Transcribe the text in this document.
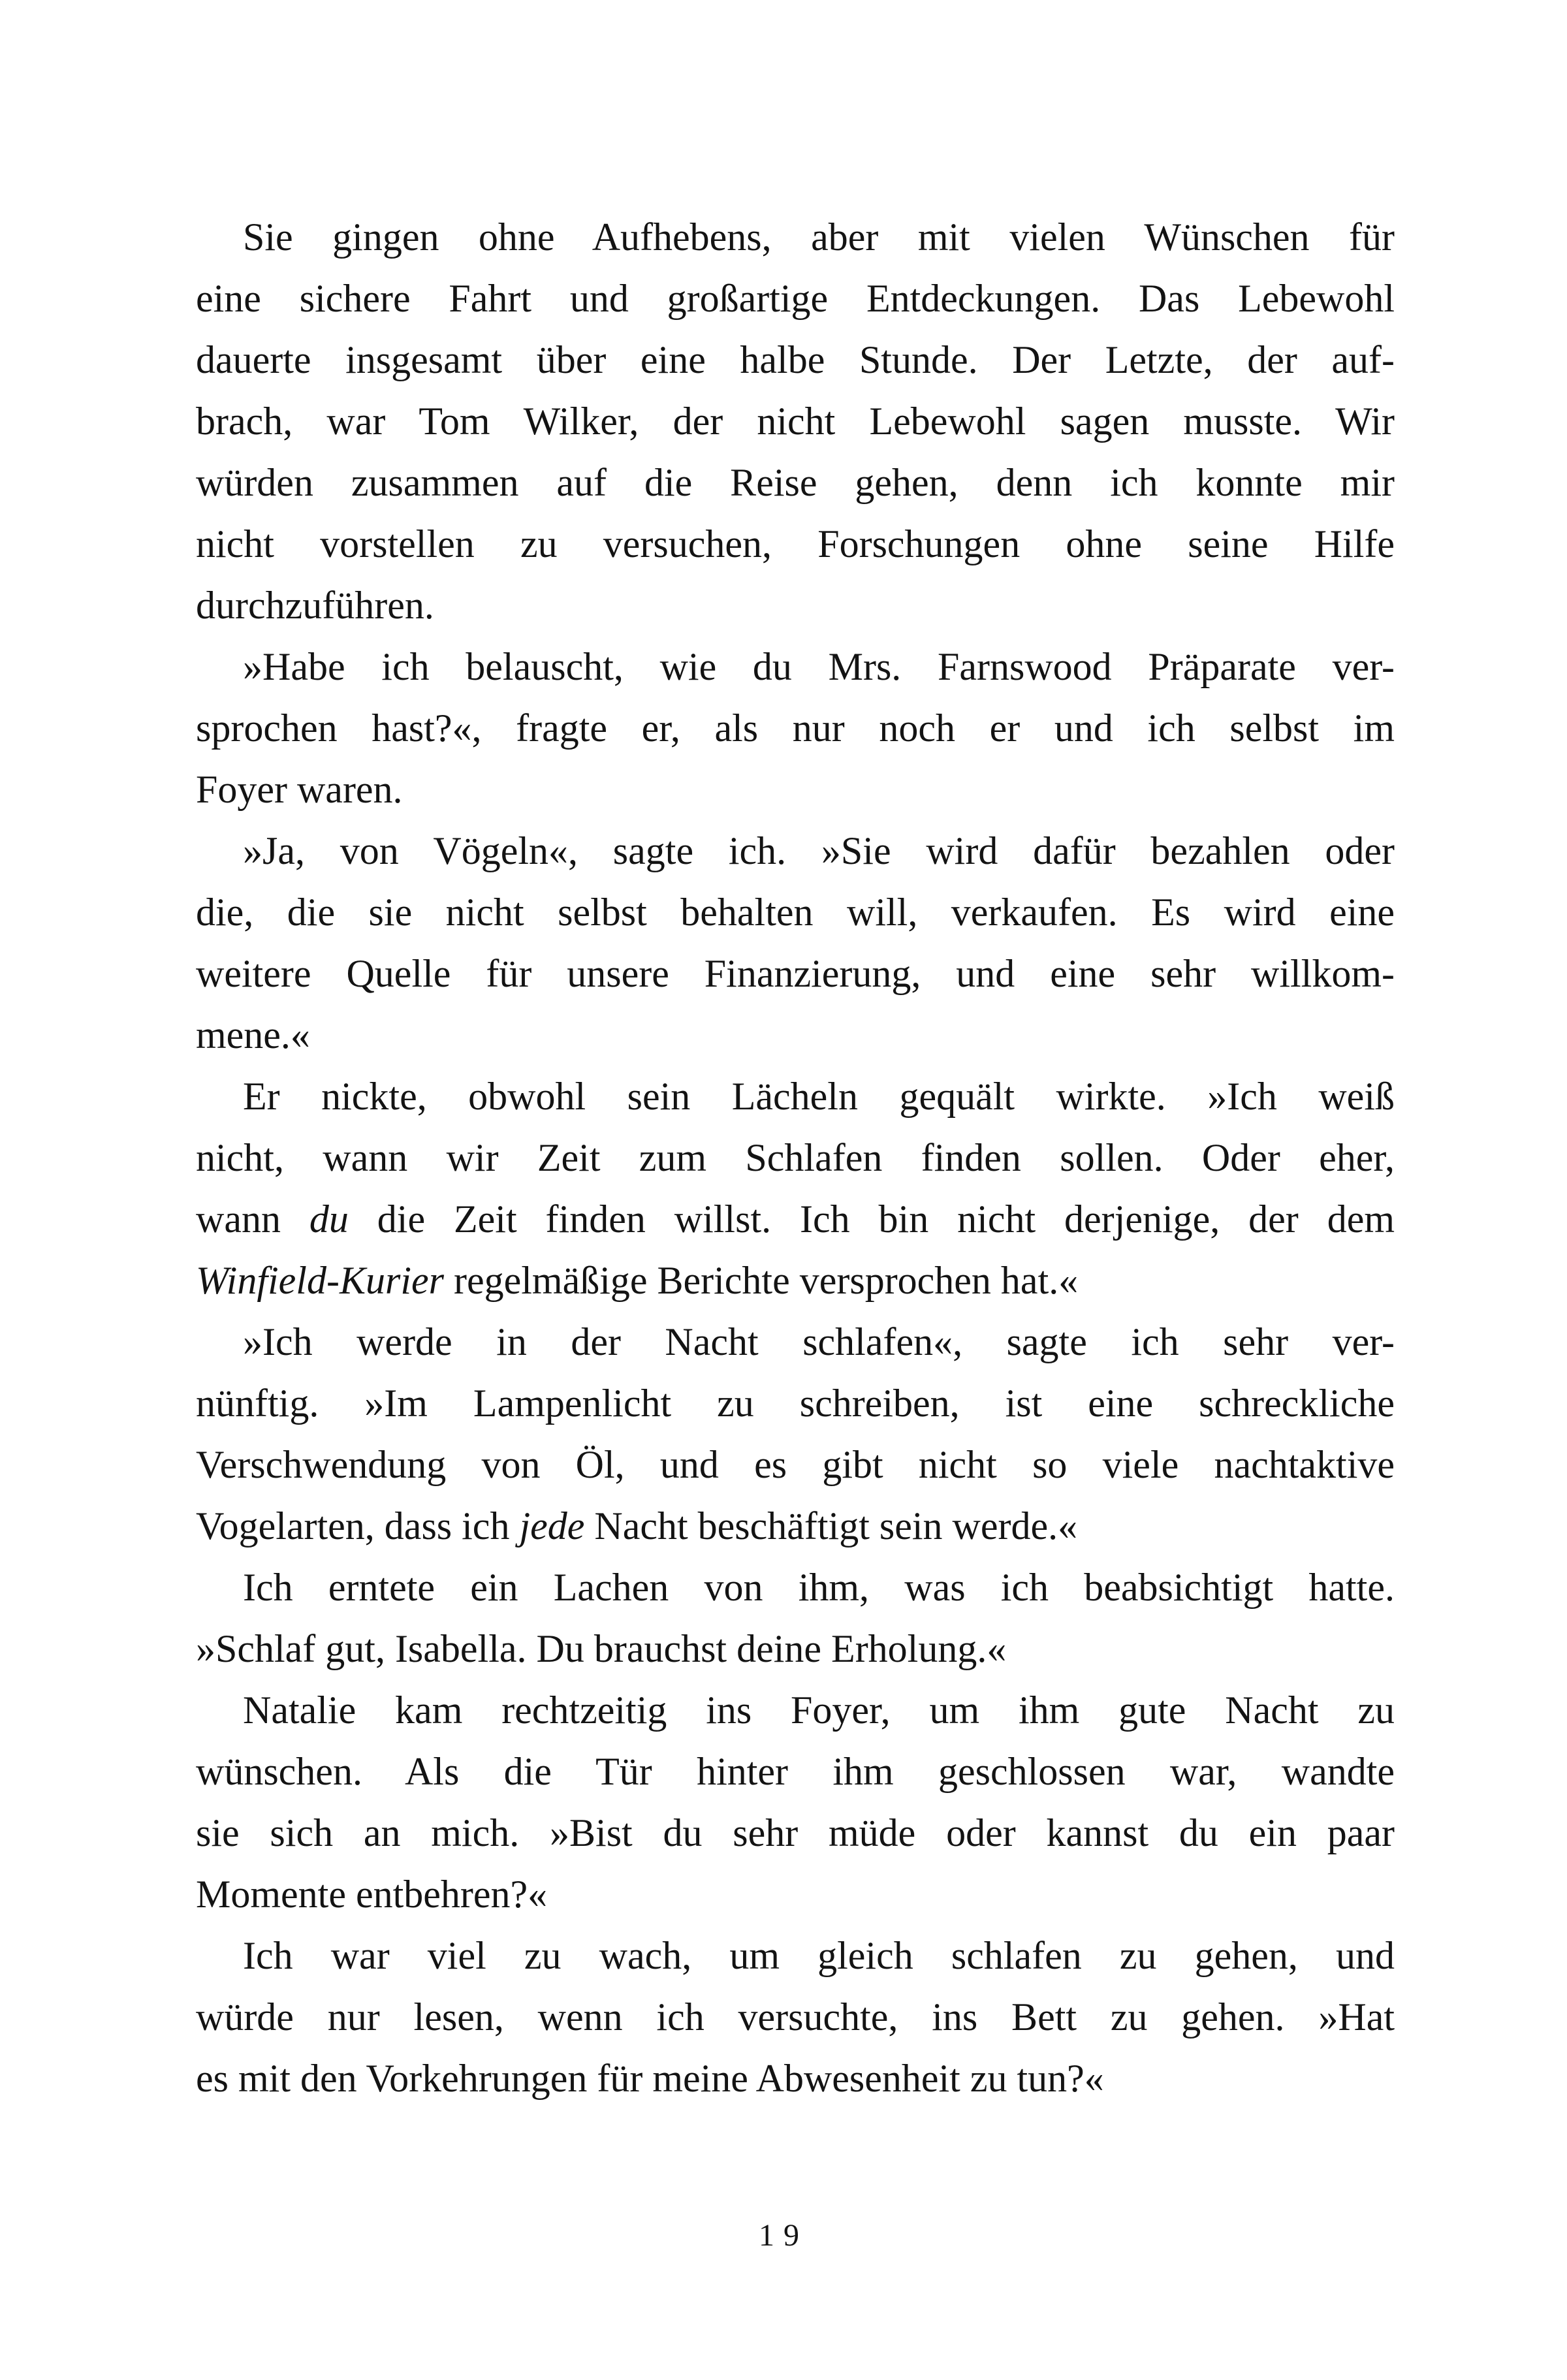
Sie gingen ohne Aufhebens, aber mit vielen Wünschen für
eine sichere Fahrt und großartige Entdeckungen. Das Lebewohl
dauerte insgesamt über eine halbe Stunde. Der Letzte, der auf-
brach, war Tom Wilker, der nicht Lebewohl sagen musste. Wir
würden zusammen auf die Reise gehen, denn ich konnte mir
nicht vorstellen zu versuchen, Forschungen ohne seine Hilfe
durchzuführen.
»Habe ich belauscht, wie du Mrs. Farnswood Präparate ver-
sprochen hast?«, fragte er, als nur noch er und ich selbst im
Foyer waren.
»Ja, von Vögeln«, sagte ich. »Sie wird dafür bezahlen oder
die, die sie nicht selbst behalten will, verkaufen. Es wird eine
weitere Quelle für unsere Finanzierung, und eine sehr willkom-
mene.«
Er nickte, obwohl sein Lächeln gequält wirkte. »Ich weiß
nicht, wann wir Zeit zum Schlafen finden sollen. Oder eher,
wann du die Zeit finden willst. Ich bin nicht derjenige, der dem
Winfield-Kurier regelmäßige Berichte versprochen hat.«
»Ich werde in der Nacht schlafen«, sagte ich sehr ver-
nünftig. »Im Lampenlicht zu schreiben, ist eine schreckliche
Verschwendung von Öl, und es gibt nicht so viele nachtaktive
Vogelarten, dass ich jede Nacht beschäftigt sein werde.«
Ich erntete ein Lachen von ihm, was ich beabsichtigt hatte.
»Schlaf gut, Isabella. Du brauchst deine Erholung.«
Natalie kam rechtzeitig ins Foyer, um ihm gute Nacht zu
wünschen. Als die Tür hinter ihm geschlossen war, wandte
sie sich an mich. »Bist du sehr müde oder kannst du ein paar
Momente entbehren?«
Ich war viel zu wach, um gleich schlafen zu gehen, und
würde nur lesen, wenn ich versuchte, ins Bett zu gehen. »Hat
es mit den Vorkehrungen für meine Abwesenheit zu tun?«
19
